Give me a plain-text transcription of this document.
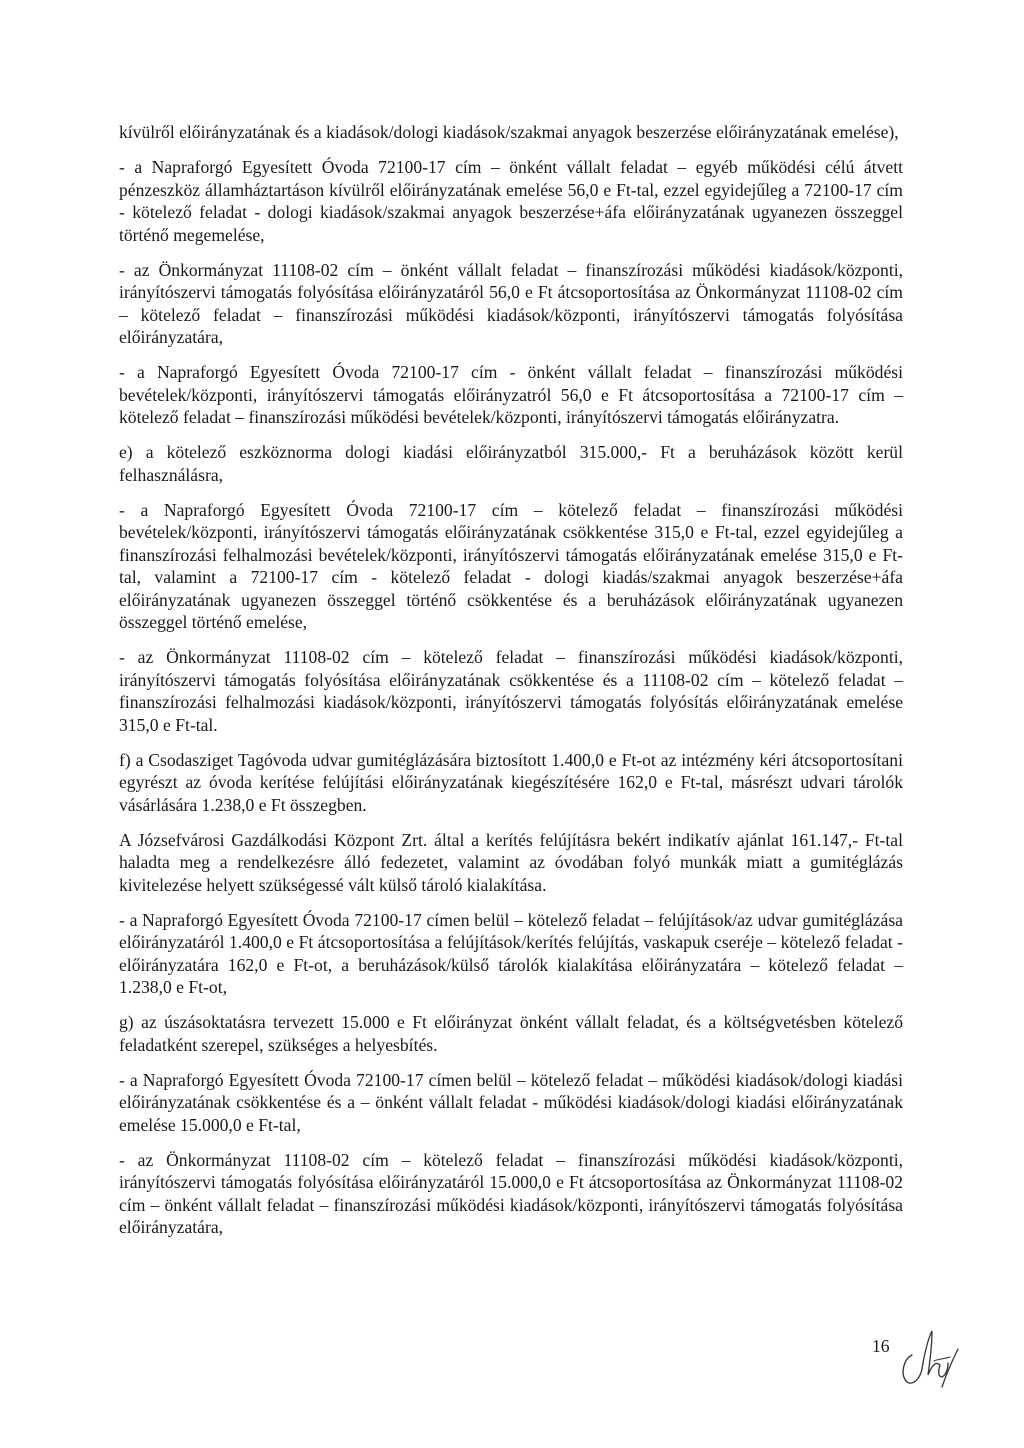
kívülről előirányzatának és a kiadások/dologi kiadások/szakmai anyagok beszerzése előirányzatának emelése),

- a Napraforgó Egyesített Óvoda 72100-17 cím – önként vállalt feladat – egyéb működési célú átvett pénzeszköz államháztartáson kívülről előirányzatának emelése 56,0 e Ft-tal, ezzel egyidejűleg a 72100-17 cím - kötelező feladat - dologi kiadások/szakmai anyagok beszerzése+áfa előirányzatának ugyanezen összeggel történő megemelése,

- az Önkormányzat 11108-02 cím – önként vállalt feladat – finanszírozási működési kiadások/központi, irányítószervi támogatás folyósítása előirányzatáról 56,0 e Ft átcsoportosítása az Önkormányzat 11108-02 cím – kötelező feladat – finanszírozási működési kiadások/központi, irányítószervi támogatás folyósítása előirányzatára,

- a Napraforgó Egyesített Óvoda 72100-17 cím - önként vállalt feladat – finanszírozási működési bevételek/központi, irányítószervi támogatás előirányzatról 56,0 e Ft átcsoportosítása a 72100-17 cím – kötelező feladat – finanszírozási működési bevételek/központi, irányítószervi támogatás előirányzatra.

e) a kötelező eszköznorma dologi kiadási előirányzatból 315.000,- Ft a beruházások között kerül felhasználásra,

- a Napraforgó Egyesített Óvoda 72100-17 cím – kötelező feladat – finanszírozási működési bevételek/központi, irányítószervi támogatás előirányzatának csökkentése 315,0 e Ft-tal, ezzel egyidejűleg a finanszírozási felhalmozási bevételek/központi, irányítószervi támogatás előirányzatának emelése 315,0 e Ft-tal, valamint a 72100-17 cím - kötelező feladat - dologi kiadás/szakmai anyagok beszerzése+áfa előirányzatának ugyanezen összeggel történő csökkentése és a beruházások előirányzatának ugyanezen összeggel történő emelése,

- az Önkormányzat 11108-02 cím – kötelező feladat – finanszírozási működési kiadások/központi, irányítószervi támogatás folyósítása előirányzatának csökkentése és a 11108-02 cím – kötelező feladat – finanszírozási felhalmozási kiadások/központi, irányítószervi támogatás folyósítás előirányzatának emelése 315,0 e Ft-tal.

f) a Csodasziget Tagóvoda udvar gumitéglázására biztosított 1.400,0 e Ft-ot az intézmény kéri átcsoportosítani egyrészt az óvoda kerítése felújítási előirányzatának kiegészítésére 162,0 e Ft-tal, másrészt udvari tárolók vásárlására 1.238,0 e Ft összegben.

A Józsefvárosi Gazdálkodási Központ Zrt. által a kerítés felújításra bekért indikatív ajánlat 161.147,- Ft-tal haladta meg a rendelkezésre álló fedezetet, valamint az óvodában folyó munkák miatt a gumitéglázás kivitelezése helyett szükségessé vált külső tároló kialakítása.

- a Napraforgó Egyesített Óvoda 72100-17 címen belül – kötelező feladat – felújítások/az udvar gumitéglázása előirányzatáról 1.400,0 e Ft átcsoportosítása a felújítások/kerítés felújítás, vaskapuk cseréje – kötelező feladat - előirányzatára 162,0 e Ft-ot, a beruházások/külső tárolók kialakítása előirányzatára – kötelező feladat – 1.238,0 e Ft-ot,

g) az úszásoktatásra tervezett 15.000 e Ft előirányzat önként vállalt feladat, és a költségvetésben kötelező feladatként szerepel, szükséges a helyesbítés.

- a Napraforgó Egyesített Óvoda 72100-17 címen belül – kötelező feladat – működési kiadások/dologi kiadási előirányzatának csökkentése és a – önként vállalt feladat - működési kiadások/dologi kiadási előirányzatának emelése 15.000,0 e Ft-tal,

- az Önkormányzat 11108-02 cím – kötelező feladat – finanszírozási működési kiadások/központi, irányítószervi támogatás folyósítása előirányzatáról 15.000,0 e Ft átcsoportosítása az Önkormányzat 11108-02 cím – önként vállalt feladat – finanszírozási működési kiadások/központi, irányítószervi támogatás folyósítása előirányzatára,

16
